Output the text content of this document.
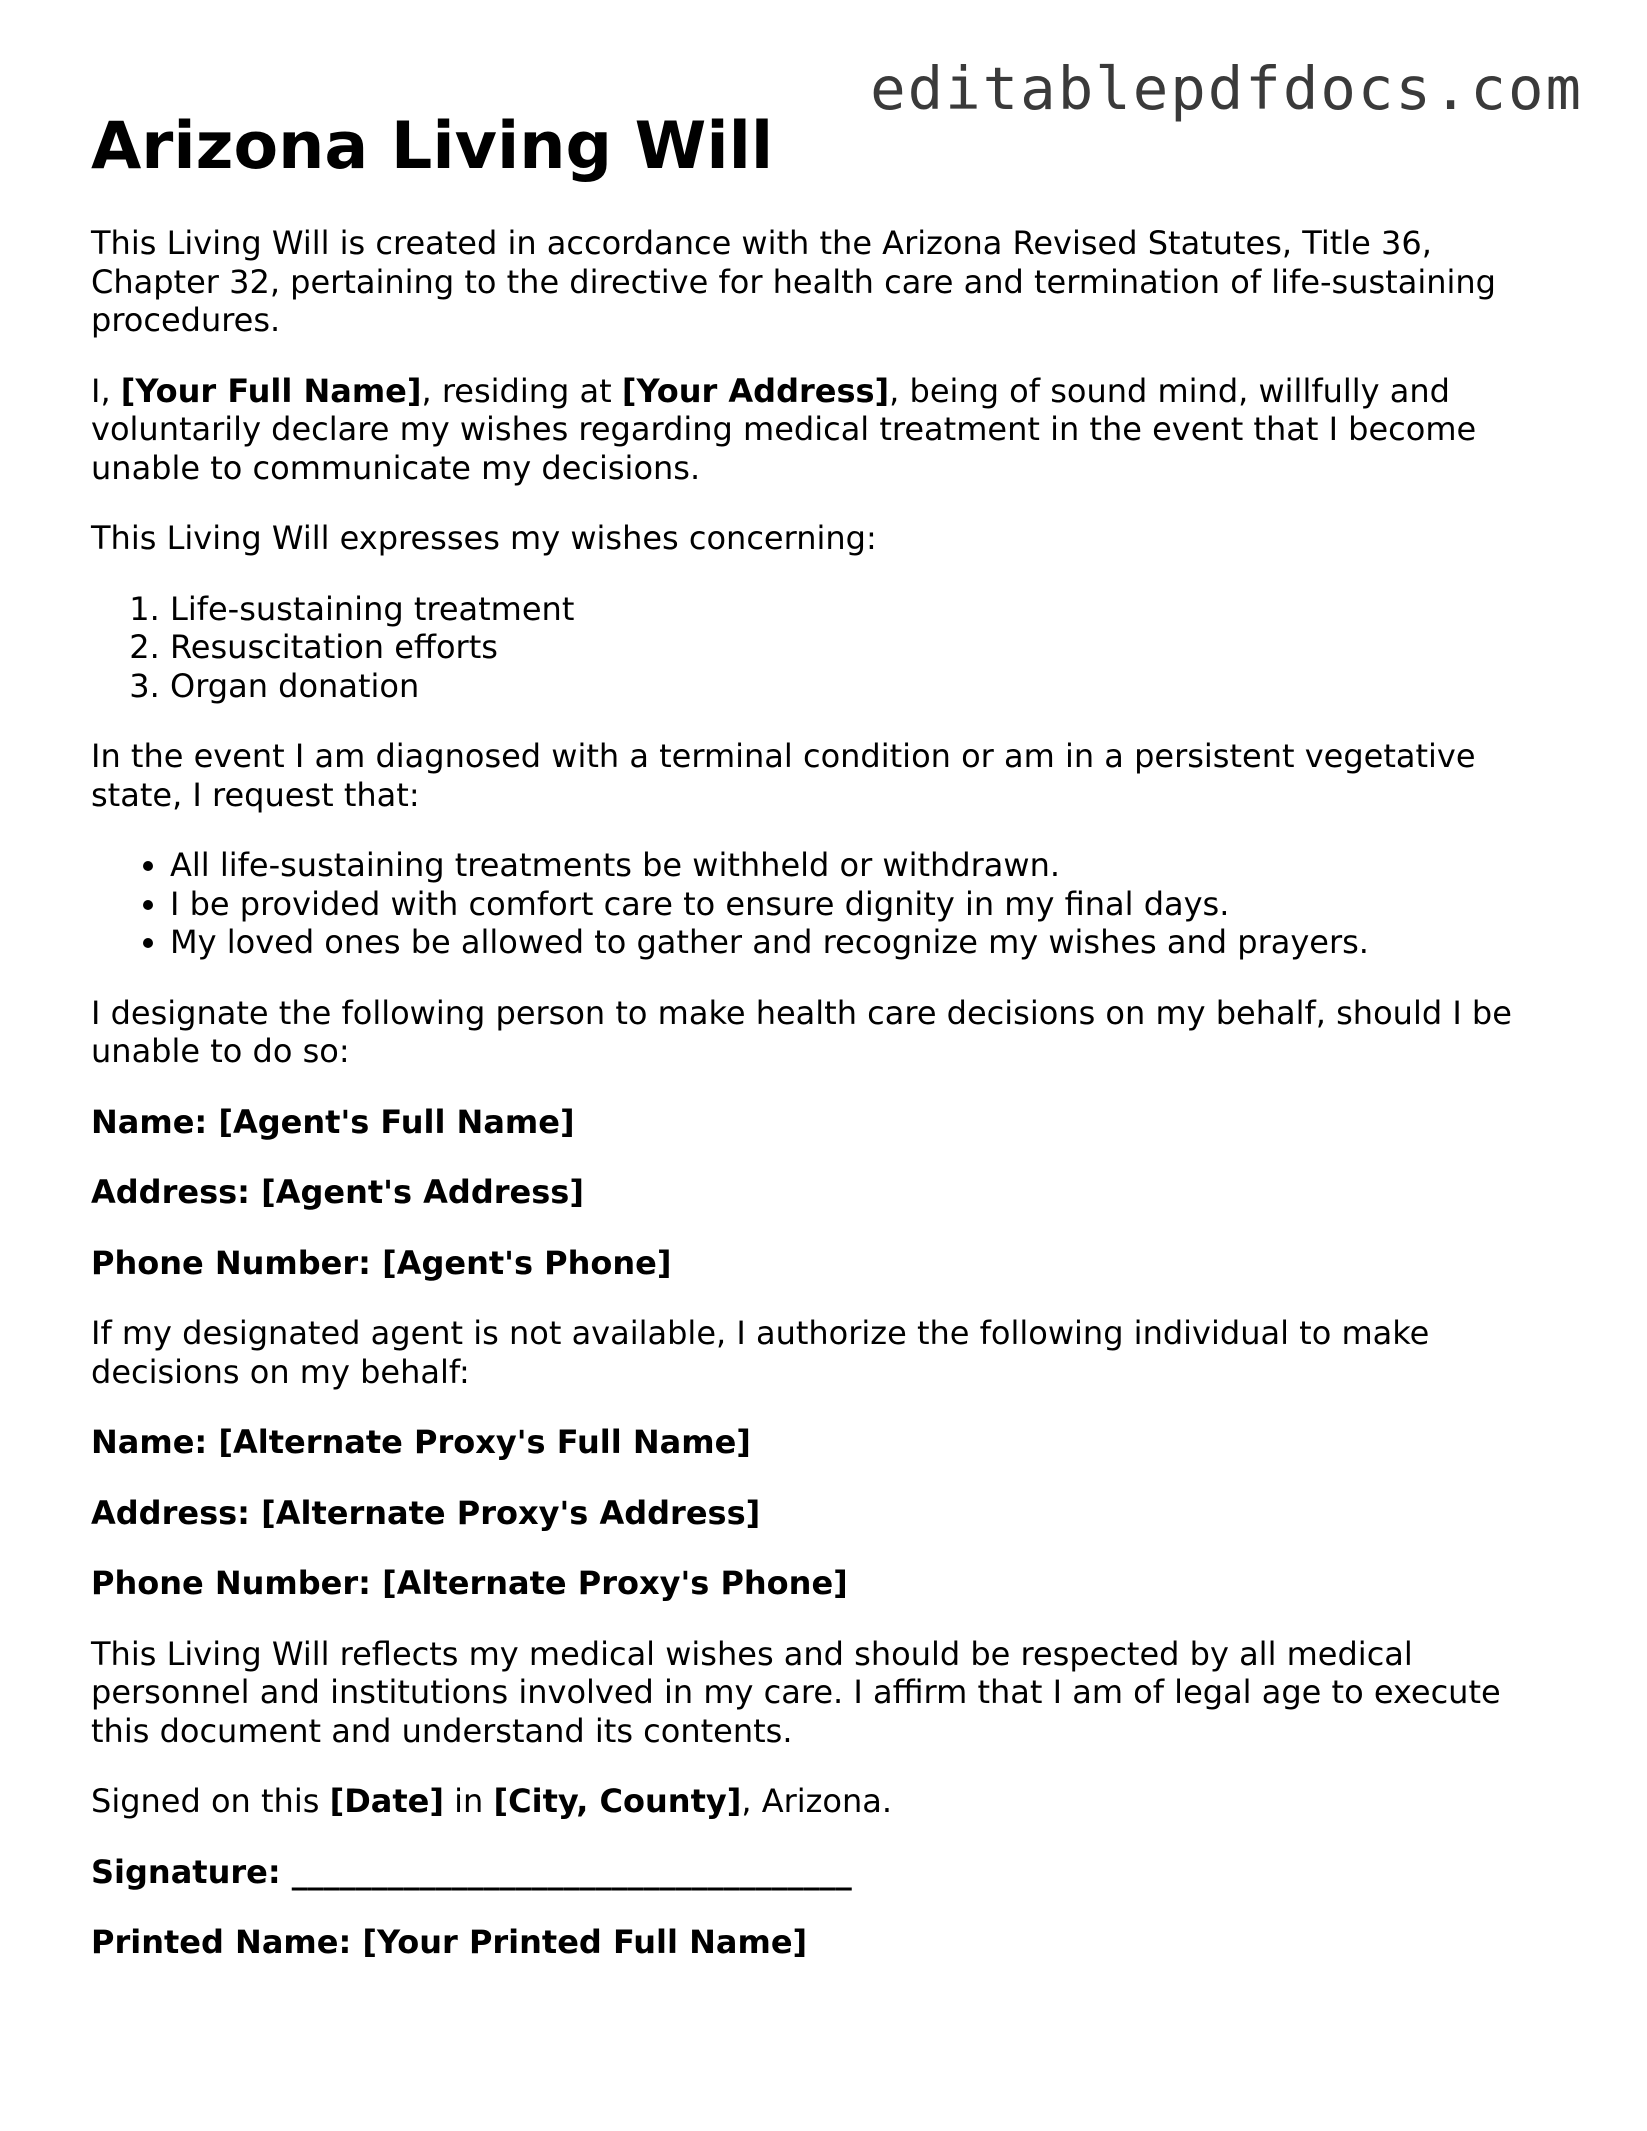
editablepdfdocs.com
Arizona Living Will

This Living Will is created in accordance with the Arizona Revised Statutes, Title 36, Chapter 32, pertaining to the directive for health care and termination of life-sustaining procedures.

I, [Your Full Name], residing at [Your Address], being of sound mind, willfully and voluntarily declare my wishes regarding medical treatment in the event that I become unable to communicate my decisions.

This Living Will expresses my wishes concerning:

1. Life-sustaining treatment
2. Resuscitation efforts
3. Organ donation

In the event I am diagnosed with a terminal condition or am in a persistent vegetative state, I request that:

• All life-sustaining treatments be withheld or withdrawn.
• I be provided with comfort care to ensure dignity in my final days.
• My loved ones be allowed to gather and recognize my wishes and prayers.

I designate the following person to make health care decisions on my behalf, should I be unable to do so:

Name: [Agent's Full Name]

Address: [Agent's Address]

Phone Number: [Agent's Phone]

If my designated agent is not available, I authorize the following individual to make decisions on my behalf:

Name: [Alternate Proxy's Full Name]

Address: [Alternate Proxy's Address]

Phone Number: [Alternate Proxy's Phone]

This Living Will reflects my medical wishes and should be respected by all medical personnel and institutions involved in my care. I affirm that I am of legal age to execute this document and understand its contents.

Signed on this [Date] in [City, County], Arizona.

Signature: ___________________________________

Printed Name: [Your Printed Full Name]
